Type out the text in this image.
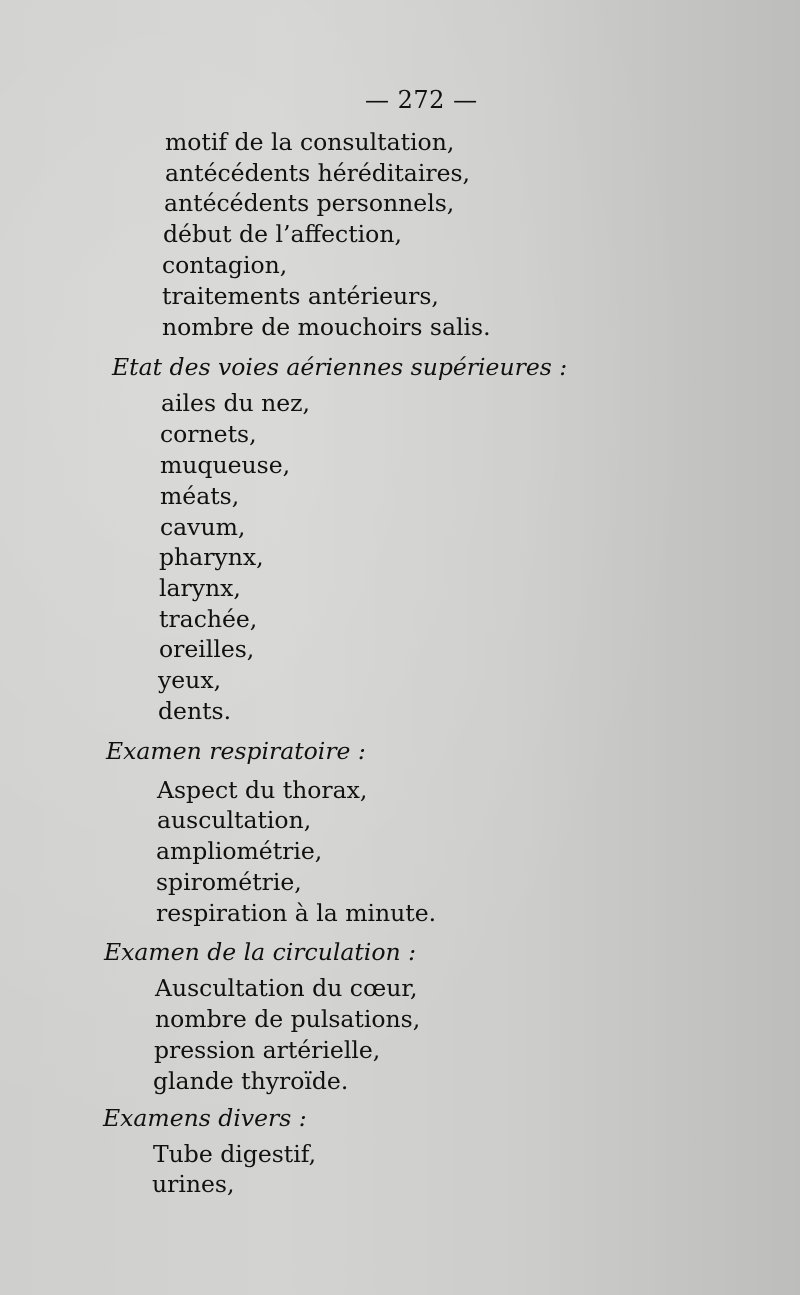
— 272 —
motif de la consultation,
antécédents héréditaires,
antécédents personnels,
début de l’affection,
contagion,
traitements antérieurs,
nombre de mouchoirs salis.
Etat des voies aériennes supérieures :
ailes du nez,
cornets,
muqueuse,
méats,
cavum,
pharynx,
larynx,
trachée,
oreilles,
yeux,
dents.
Examen respiratoire :
Aspect du thorax,
auscultation,
ampliométrie,
spirométrie,
respiration à la minute.
Examen de la circulation :
Auscultation du cœur,
nombre de pulsations,
pression artérielle,
glande thyroïde.
Examens divers :
Tube digestif,
urines,
